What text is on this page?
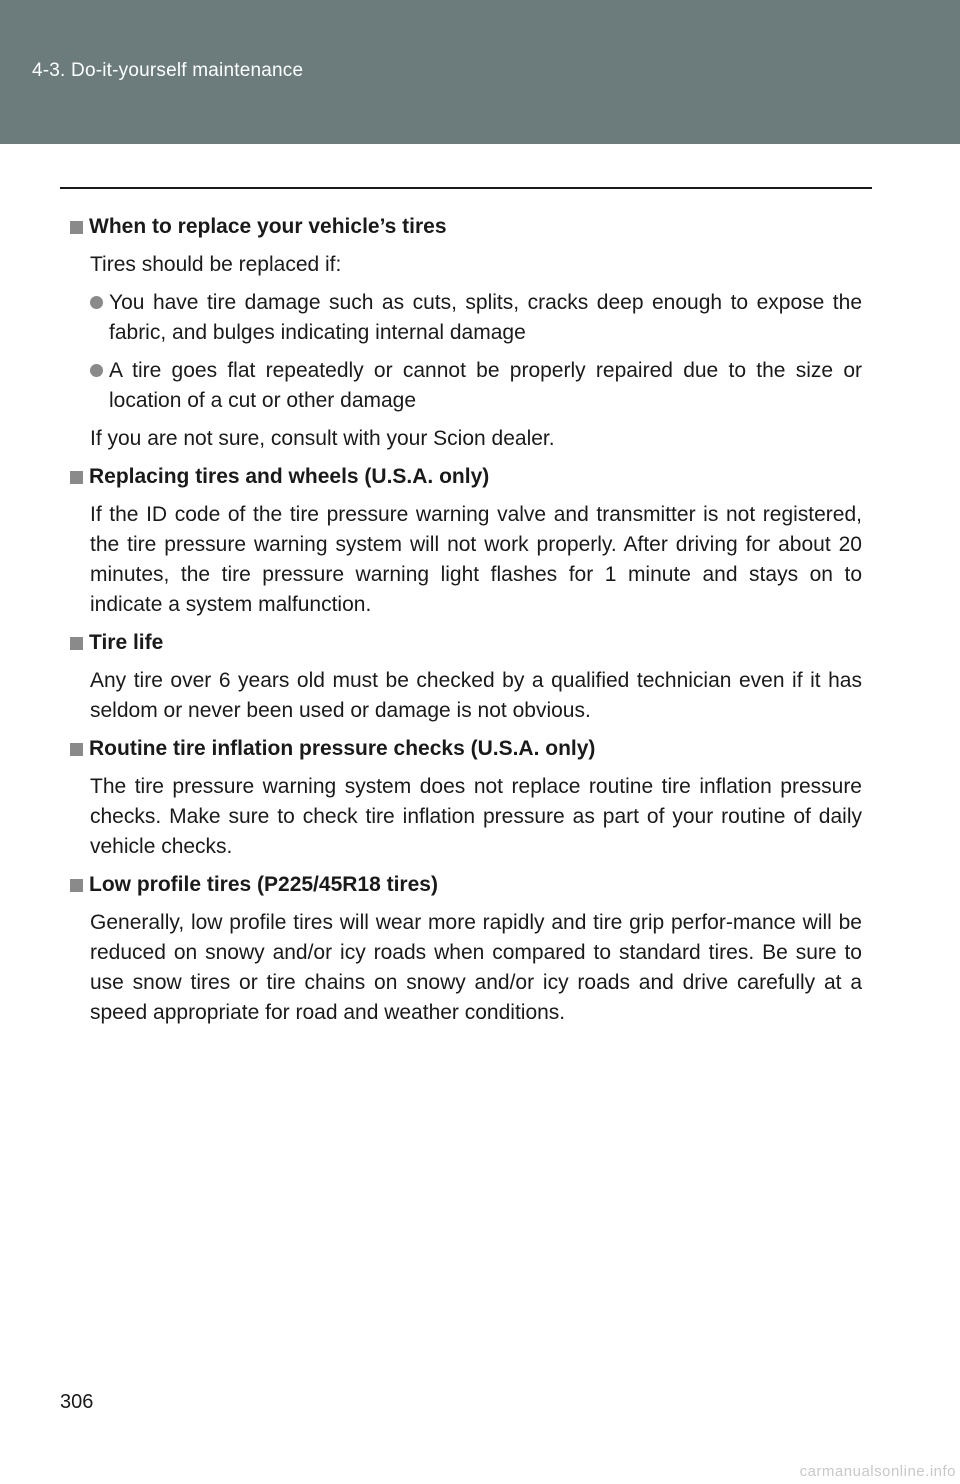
4-3. Do-it-yourself maintenance
When to replace your vehicle’s tires
Tires should be replaced if:
You have tire damage such as cuts, splits, cracks deep enough to expose the fabric, and bulges indicating internal damage
A tire goes flat repeatedly or cannot be properly repaired due to the size or location of a cut or other damage
If you are not sure, consult with your Scion dealer.
Replacing tires and wheels (U.S.A. only)
If the ID code of the tire pressure warning valve and transmitter is not registered, the tire pressure warning system will not work properly. After driving for about 20 minutes, the tire pressure warning light flashes for 1 minute and stays on to indicate a system malfunction.
Tire life
Any tire over 6 years old must be checked by a qualified technician even if it has seldom or never been used or damage is not obvious.
Routine tire inflation pressure checks (U.S.A. only)
The tire pressure warning system does not replace routine tire inflation pressure checks. Make sure to check tire inflation pressure as part of your routine of daily vehicle checks.
Low profile tires (P225/45R18 tires)
Generally, low profile tires will wear more rapidly and tire grip perfor-mance will be reduced on snowy and/or icy roads when compared to standard tires. Be sure to use snow tires or tire chains on snowy and/or icy roads and drive carefully at a speed appropriate for road and weather conditions.
306
carmanualsonline.info
